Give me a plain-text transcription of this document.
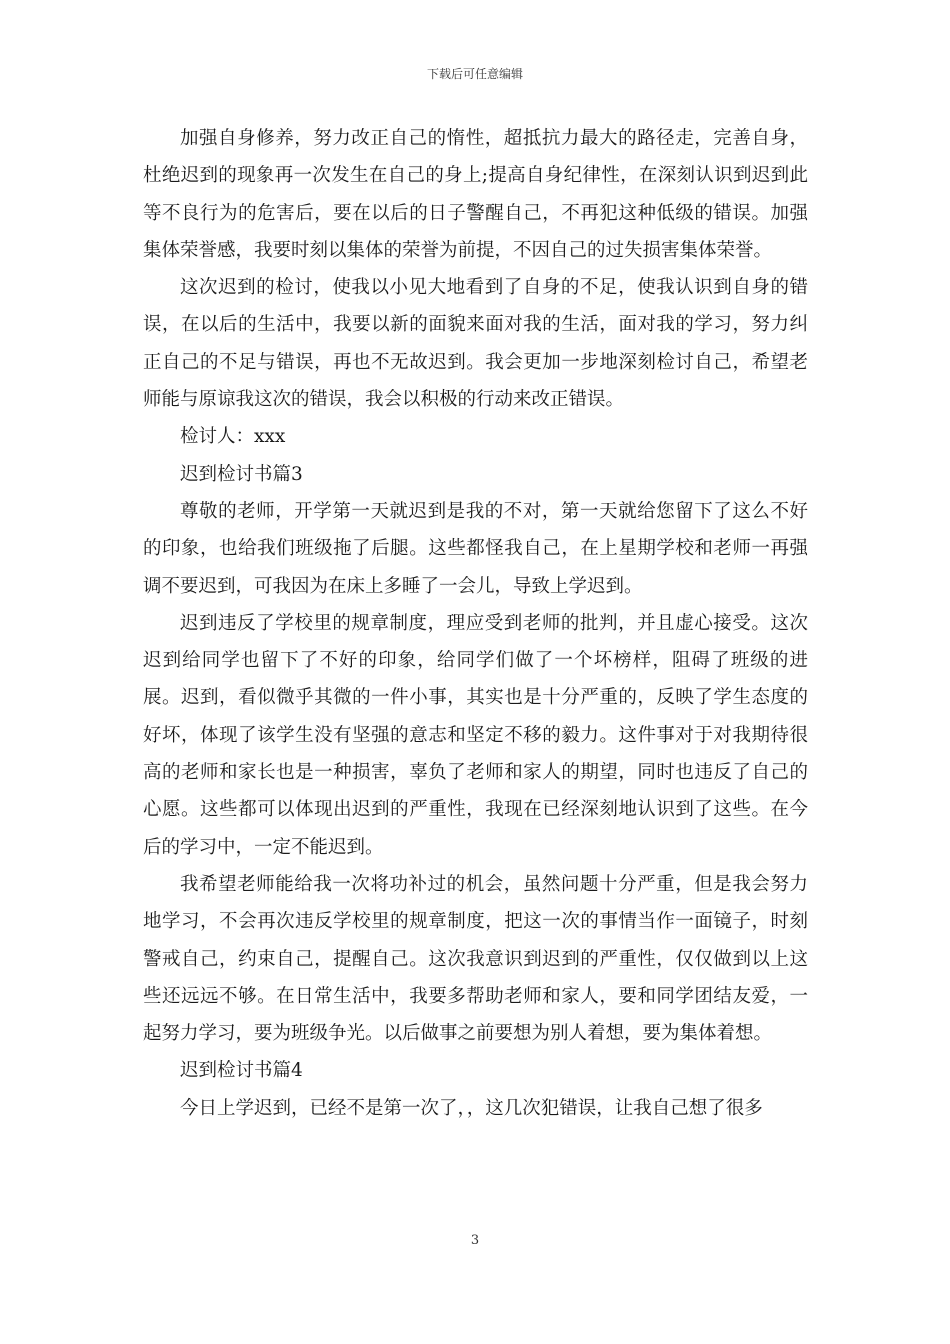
下载后可任意编辑

加强自身修养，努力改正自己的惰性，超抵抗力最大的路径走，完善自身，杜绝迟到的现象再一次发生在自己的身上;提高自身纪律性，在深刻认识到迟到此等不良行为的危害后，要在以后的日子警醒自己，不再犯这种低级的错误。加强集体荣誉感，我要时刻以集体的荣誉为前提，不因自己的过失损害集体荣誉。

这次迟到的检讨，使我以小见大地看到了自身的不足，使我认识到自身的错误，在以后的生活中，我要以新的面貌来面对我的生活，面对我的学习，努力纠正自己的不足与错误，再也不无故迟到。我会更加一步地深刻检讨自己，希望老师能与原谅我这次的错误，我会以积极的行动来改正错误。

检讨人：xxx

迟到检讨书篇3

尊敬的老师，开学第一天就迟到是我的不对，第一天就给您留下了这么不好的印象，也给我们班级拖了后腿。这些都怪我自己，在上星期学校和老师一再强调不要迟到，可我因为在床上多睡了一会儿，导致上学迟到。

迟到违反了学校里的规章制度，理应受到老师的批判，并且虚心接受。这次迟到给同学也留下了不好的印象，给同学们做了一个坏榜样，阻碍了班级的进展。迟到，看似微乎其微的一件小事，其实也是十分严重的，反映了学生态度的好坏，体现了该学生没有坚强的意志和坚定不移的毅力。这件事对于对我期待很高的老师和家长也是一种损害，辜负了老师和家人的期望，同时也违反了自己的心愿。这些都可以体现出迟到的严重性，我现在已经深刻地认识到了这些。在今后的学习中，一定不能迟到。

我希望老师能给我一次将功补过的机会，虽然问题十分严重，但是我会努力地学习，不会再次违反学校里的规章制度，把这一次的事情当作一面镜子，时刻警戒自己，约束自己，提醒自己。这次我意识到迟到的严重性，仅仅做到以上这些还远远不够。在日常生活中，我要多帮助老师和家人，要和同学团结友爱，一起努力学习，要为班级争光。以后做事之前要想为别人着想，要为集体着想。

迟到检讨书篇4

今日上学迟到，已经不是第一次了，，这几次犯错误，让我自己想了很多

3
